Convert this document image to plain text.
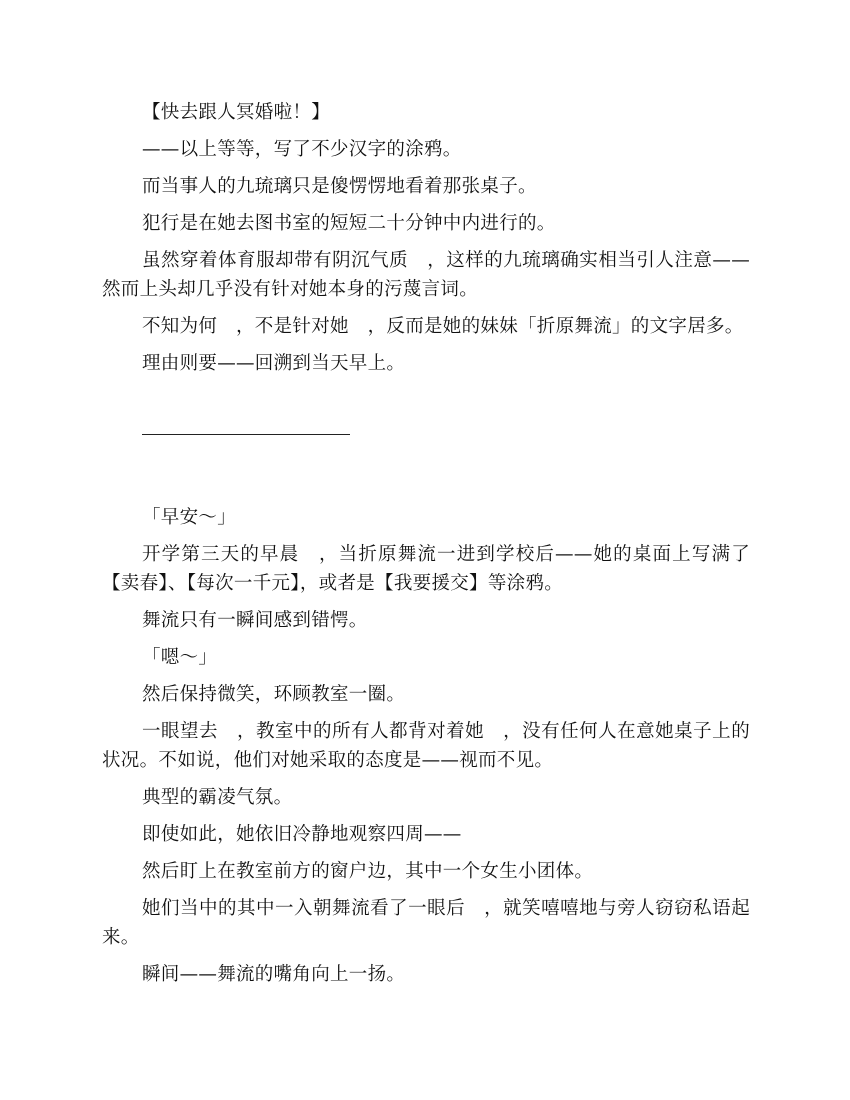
【快去跟人冥婚啦！】

——以上等等，写了不少汉字的涂鸦。

而当事人的九琉璃只是傻愣愣地看着那张桌子。

犯行是在她去图书室的短短二十分钟中内进行的。

虽然穿着体育服却带有阴沉气质　，这样的九琉璃确实相当引人注意——然而上头却几乎没有针对她本身的污蔑言词。

不知为何　，不是针对她　，反而是她的妹妹「折原舞流」的文字居多。

理由则要——回溯到当天早上。

「早安～」

开学第三天的早晨　，当折原舞流一进到学校后——她的桌面上写满了【卖春】、【每次一千元】，或者是【我要援交】等涂鸦。

舞流只有一瞬间感到错愕。

「嗯～」

然后保持微笑，环顾教室一圈。

一眼望去　，教室中的所有人都背对着她　，没有任何人在意她桌子上的状况。不如说，他们对她采取的态度是——视而不见。

典型的霸凌气氛。

即使如此，她依旧冷静地观察四周——

然后盯上在教室前方的窗户边，其中一个女生小团体。

她们当中的其中一入朝舞流看了一眼后　，就笑嘻嘻地与旁人窃窃私语起来。

瞬间——舞流的嘴角向上一扬。
